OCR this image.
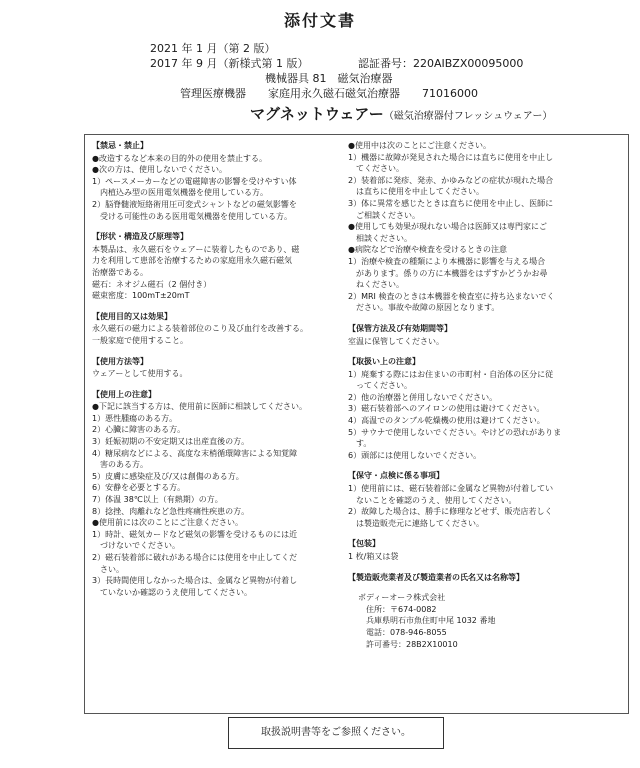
添付文書
2021 年 1 月（第 2 版）
2017 年 9 月（新様式第 1 版）	認証番号：220AIBZX00095000
機械器具 81　磁気治療器
管理医療機器　　家庭用永久磁石磁気治療器　　71016000
マグネットウェアー（磁気治療器付フレッシュウェアー）
【禁忌・禁止】
●改造するなど本来の目的外の使用を禁止する。
●次の方は、使用しないでください。
1）ペースメーカーなどの電磁障害の影響を受けやすい体
　内植込み型の医用電気機器を使用している方。
2）脳脊髄液短絡術用圧可変式シャントなどの磁気影響を
　受ける可能性のある医用電気機器を使用している方。
【形状・構造及び原理等】
本製品は、永久磁石をウェアーに装着したものであり、磁
力を利用して患部を治療するための家庭用永久磁石磁気
治療器である。
磁石：ネオジム磁石（2 個付き）
磁束密度：100mT±20mT
【使用目的又は効果】
永久磁石の磁力による装着部位のこり及び血行を改善する。
一般家庭で使用すること。
【使用方法等】
ウェアーとして使用する。
【使用上の注意】
●下記に該当する方は、使用前に医師に相談してください。
1）悪性腫瘍のある方。
2）心臓に障害のある方。
3）妊娠初期の不安定期又は出産直後の方。
4）糖尿病などによる、高度な末梢循環障害による知覚障
　害のある方。
5）皮膚に感染症及び/又は創傷のある方。
6）安静を必要とする方。
7）体温 38℃以上（有熱期）の方。
8）捻挫、肉離れなど急性疼痛性疾患の方。
●使用前には次のことにご注意ください。
1）時計、磁気カードなど磁気の影響を受けるものには近
　づけないでください。
2）磁石装着部に破れがある場合には使用を中止してくだ
　さい。
3）長時間使用しなかった場合は、金属など異物が付着し
　ていないか確認のうえ使用してください。
●使用中は次のことにご注意ください。
1）機器に故障が発見された場合には直ちに使用を中止し
　てください。
2）装着部に発疹、発赤、かゆみなどの症状が現れた場合
　は直ちに使用を中止してください。
3）体に異常を感じたときは直ちに使用を中止し、医師に
　ご相談ください。
●使用しても効果が現れない場合は医師又は専門家にご
　相談ください。
●病院などで治療や検査を受けるときの注意
1）治療や検査の種類により本機器に影響を与える場合
　があります。係りの方に本機器をはずすかどうかお尋
　ねください。
2）MRI 検査のときは本機器を検査室に持ち込まないでく
　ださい。事故や故障の原因となります。
【保管方法及び有効期間等】
室温に保管してください。
【取扱い上の注意】
1）廃棄する際にはお住まいの市町村・自治体の区分に従
　ってください。
2）他の治療器と併用しないでください。
3）磁石装着部へのアイロンの使用は避けてください。
4）高温でのタンブル乾燥機の使用は避けてください。
5）サウナで使用しないでください。やけどの恐れがありま
　す。
6）頭部には使用しないでください。
【保守・点検に係る事項】
1）使用前には、磁石装着部に金属など異物が付着してい
　ないことを確認のうえ、使用してください。
2）故障した場合は、勝手に修理などせず、販売店若しく
　は製造販売元に連絡してください。
【包装】
1 枚/箱又は袋
【製造販売業者及び製造業者の氏名又は名称等】
ボディーオーラ株式会社
住所：〒674-0082
兵庫県明石市魚住町中尾 1032 番地
電話：078-946-8055
許可番号：28B2X10010
取扱説明書等をご参照ください。
